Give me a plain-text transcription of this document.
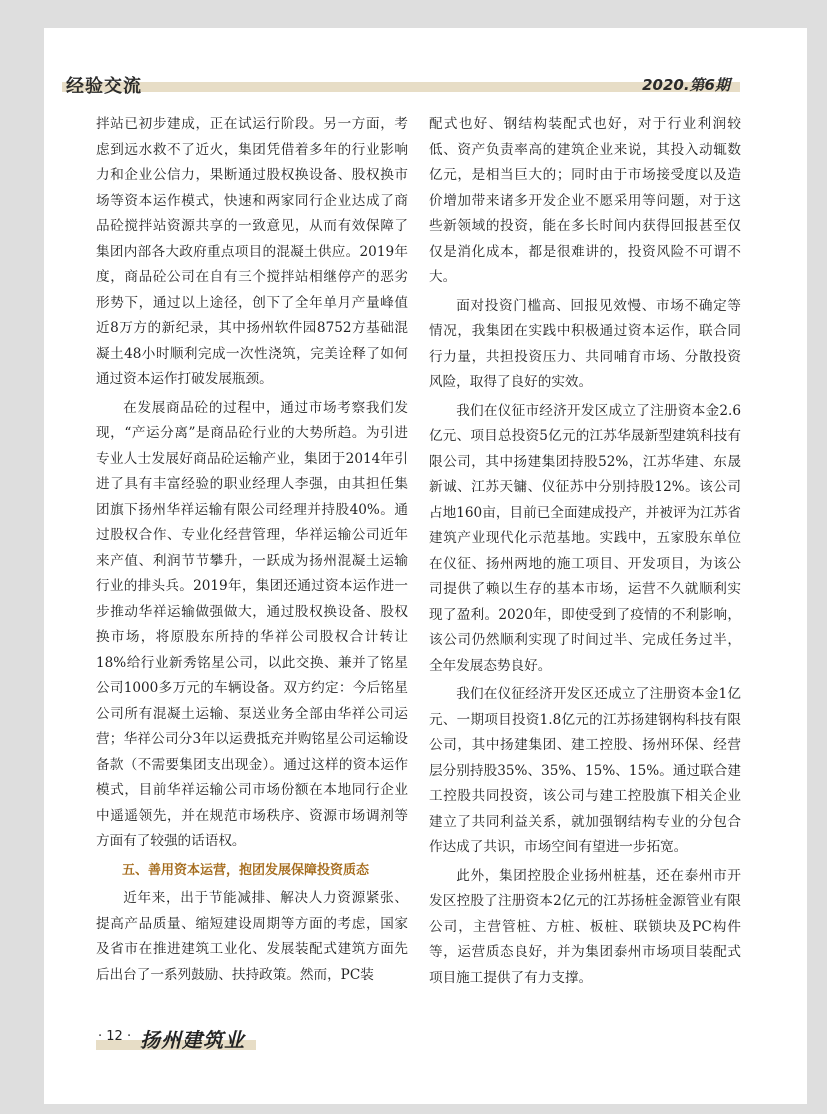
经验交流	2020.第6期

拌站已初步建成，正在试运行阶段。另一方面，考虑到远水救不了近火，集团凭借着多年的行业影响力和企业公信力，果断通过股权换设备、股权换市场等资本运作模式，快速和两家同行企业达成了商品砼搅拌站资源共享的一致意见，从而有效保障了集团内部各大政府重点项目的混凝土供应。2019年度，商品砼公司在自有三个搅拌站相继停产的恶劣形势下，通过以上途径，创下了全年单月产量峰值近8万方的新纪录，其中扬州软件园8752方基础混凝土48小时顺利完成一次性浇筑，完美诠释了如何通过资本运作打破发展瓶颈。

在发展商品砼的过程中，通过市场考察我们发现，“产运分离”是商品砼行业的大势所趋。为引进专业人士发展好商品砼运输产业，集团于2014年引进了具有丰富经验的职业经理人李强，由其担任集团旗下扬州华祥运输有限公司经理并持股40%。通过股权合作、专业化经营管理，华祥运输公司近年来产值、利润节节攀升，一跃成为扬州混凝土运输行业的排头兵。2019年，集团还通过资本运作进一步推动华祥运输做强做大，通过股权换设备、股权换市场，将原股东所持的华祥公司股权合计转让18%给行业新秀铭星公司，以此交换、兼并了铭星公司1000多万元的车辆设备。双方约定：今后铭星公司所有混凝土运输、泵送业务全部由华祥公司运营；华祥公司分3年以运费抵充并购铭星公司运输设备款（不需要集团支出现金）。通过这样的资本运作模式，目前华祥运输公司市场份额在本地同行企业中遥遥领先，并在规范市场秩序、资源市场调剂等方面有了较强的话语权。

五、善用资本运营，抱团发展保障投资质态

近年来，出于节能减排、解决人力资源紧张、提高产品质量、缩短建设周期等方面的考虑，国家及省市在推进建筑工业化、发展装配式建筑方面先后出台了一系列鼓励、扶持政策。然而，PC装

配式也好、钢结构装配式也好，对于行业利润较低、资产负责率高的建筑企业来说，其投入动辄数亿元，是相当巨大的；同时由于市场接受度以及造价增加带来诸多开发企业不愿采用等问题，对于这些新领域的投资，能在多长时间内获得回报甚至仅仅是消化成本，都是很难讲的，投资风险不可谓不大。

面对投资门槛高、回报见效慢、市场不确定等情况，我集团在实践中积极通过资本运作，联合同行力量，共担投资压力、共同哺育市场、分散投资风险，取得了良好的实效。

我们在仪征市经济开发区成立了注册资本金2.6亿元、项目总投资5亿元的江苏华晟新型建筑科技有限公司，其中扬建集团持股52%，江苏华建、东晟新诚、江苏天镛、仪征苏中分别持股12%。该公司占地160亩，目前已全面建成投产，并被评为江苏省建筑产业现代化示范基地。实践中，五家股东单位在仪征、扬州两地的施工项目、开发项目，为该公司提供了赖以生存的基本市场，运营不久就顺利实现了盈利。2020年，即使受到了疫情的不利影响，该公司仍然顺利实现了时间过半、完成任务过半，全年发展态势良好。

我们在仪征经济开发区还成立了注册资本金1亿元、一期项目投资1.8亿元的江苏扬建钢构科技有限公司，其中扬建集团、建工控股、扬州环保、经营层分别持股35%、35%、15%、15%。通过联合建工控股共同投资，该公司与建工控股旗下相关企业建立了共同利益关系，就加强钢结构专业的分包合作达成了共识，市场空间有望进一步拓宽。

此外，集团控股企业扬州桩基，还在泰州市开发区控股了注册资本2亿元的江苏扬桩金源管业有限公司，主营管桩、方桩、板桩、联锁块及PC构件等，运营质态良好，并为集团泰州市场项目装配式项目施工提供了有力支撑。

· 12 · 扬州建筑业
